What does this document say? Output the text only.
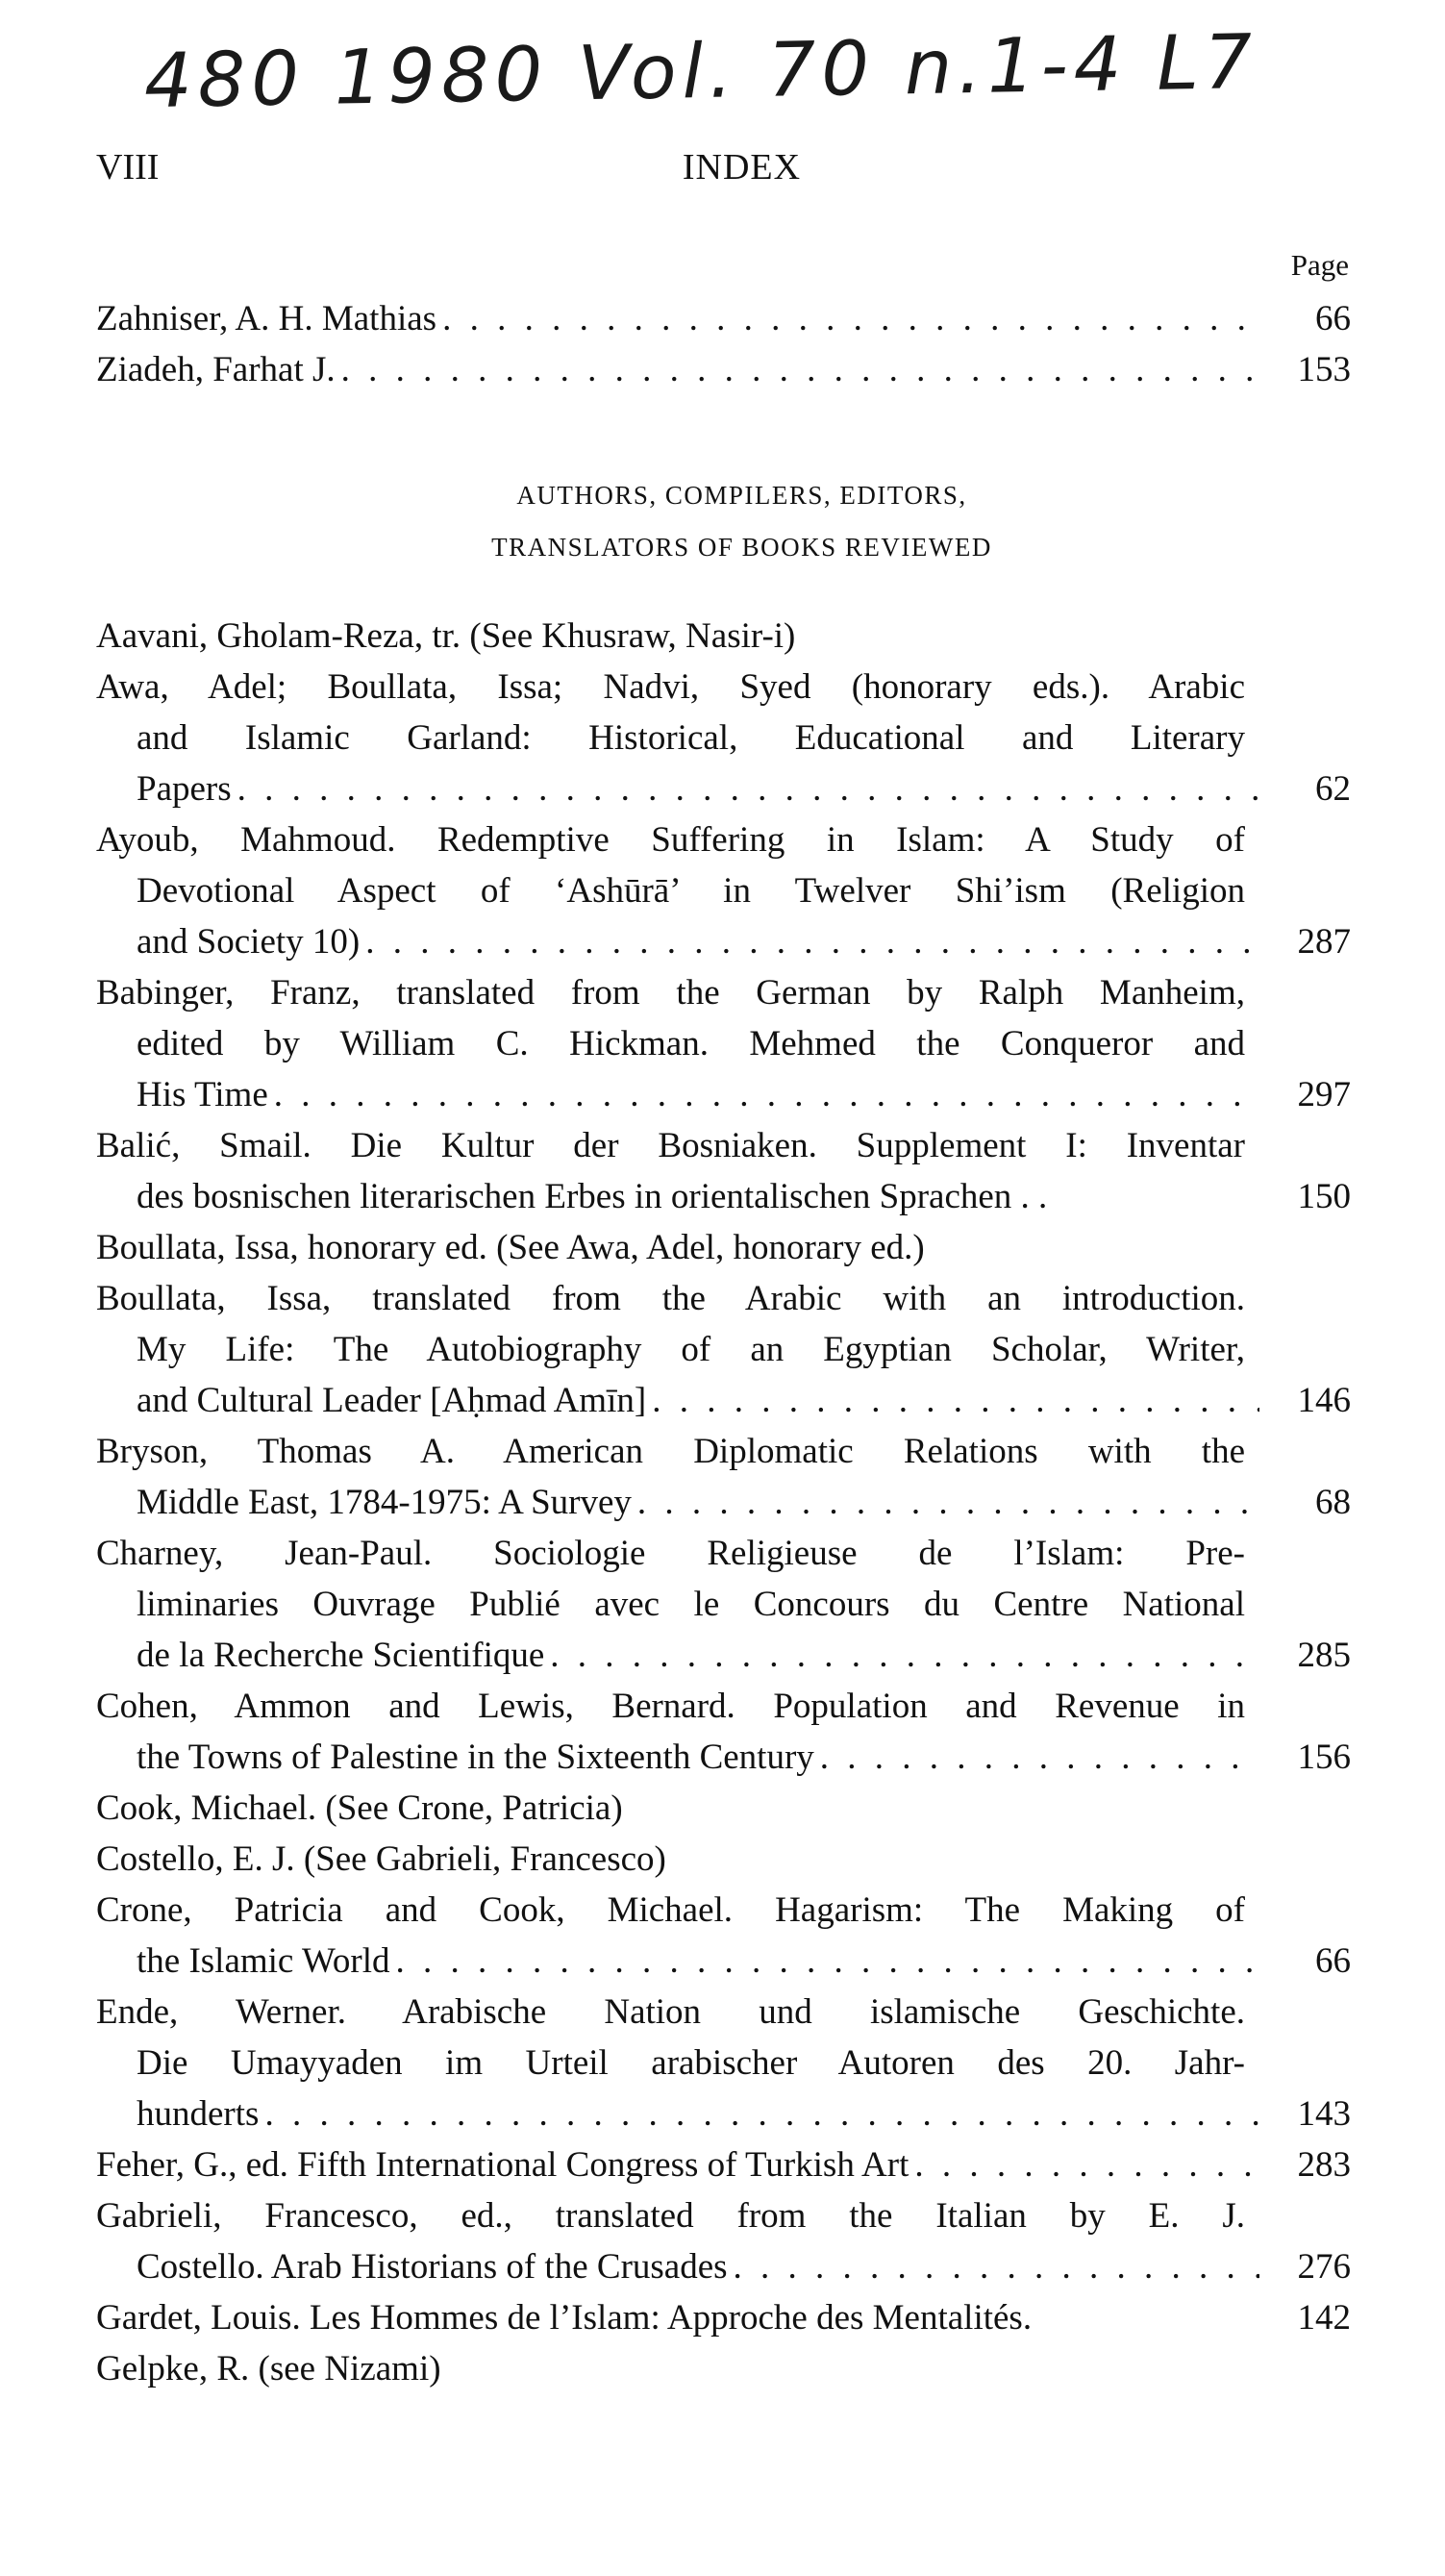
480 1980 Vol. 70 n.1-4 L7
VIII	INDEX
Page
Zahniser, A. H. Mathias . . .	66
Ziadeh, Farhat J. . . .	153
AUTHORS, COMPILERS, EDITORS,
TRANSLATORS OF BOOKS REVIEWED
Aavani, Gholam-Reza, tr. (See Khusraw, Nasir-i)
Awa, Adel; Boullata, Issa; Nadvi, Syed (honorary eds.). Arabic
and Islamic Garland: Historical, Educational and Literary
Papers . . .	62
Ayoub, Mahmoud. Redemptive Suffering in Islam: A Study of
Devotional Aspect of ‘Ashūrā’ in Twelver Shi’ism (Religion
and Society 10) . . .	287
Babinger, Franz, translated from the German by Ralph Manheim,
edited by William C. Hickman. Mehmed the Conqueror and
His Time . . .	297
Balić, Smail. Die Kultur der Bosniaken. Supplement I: Inventar
des bosnischen literarischen Erbes in orientalischen Sprachen . .	150
Boullata, Issa, honorary ed. (See Awa, Adel, honorary ed.)
Boullata, Issa, translated from the Arabic with an introduction.
My Life: The Autobiography of an Egyptian Scholar, Writer,
and Cultural Leader [Aḥmad Amīn] . . .	146
Bryson, Thomas A. American Diplomatic Relations with the
Middle East, 1784-1975: A Survey . . .	68
Charney, Jean-Paul. Sociologie Religieuse de l’Islam: Pre-
liminaries Ouvrage Publié avec le Concours du Centre National
de la Recherche Scientifique . . .	285
Cohen, Ammon and Lewis, Bernard. Population and Revenue in
the Towns of Palestine in the Sixteenth Century . . .	156
Cook, Michael. (See Crone, Patricia)
Costello, E. J. (See Gabrieli, Francesco)
Crone, Patricia and Cook, Michael. Hagarism: The Making of
the Islamic World . . .	66
Ende, Werner. Arabische Nation und islamische Geschichte.
Die Umayyaden im Urteil arabischer Autoren des 20. Jahr-
hunderts . . .	143
Feher, G., ed. Fifth International Congress of Turkish Art . . .	283
Gabrieli, Francesco, ed., translated from the Italian by E. J.
Costello. Arab Historians of the Crusades . . .	276
Gardet, Louis. Les Hommes de l’Islam: Approche des Mentalités.	142
Gelpke, R. (see Nizami)
